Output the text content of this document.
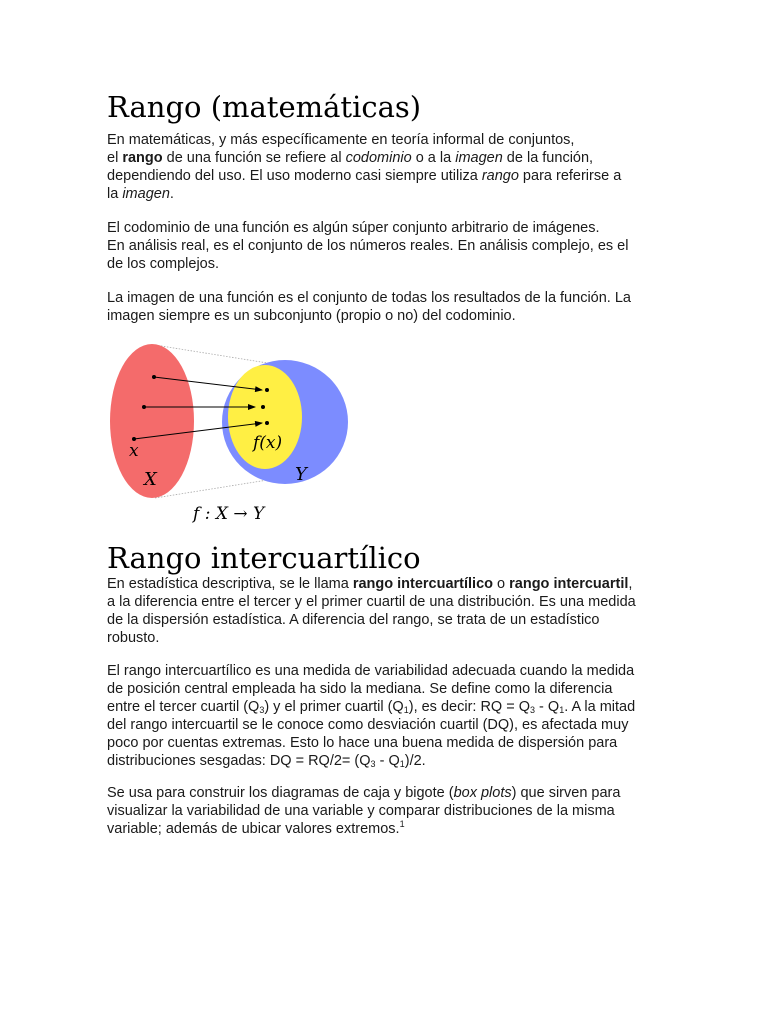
Rango (matemáticas)
En matemáticas, y más específicamente en teoría informal de conjuntos,
el rango de una función se refiere al codominio o a la imagen de la función,
dependiendo del uso. El uso moderno casi siempre utiliza rango para referirse a
la imagen.
El codominio de una función es algún súper conjunto arbitrario de imágenes.
En análisis real, es el conjunto de los números reales. En análisis complejo, es el
de los complejos.
La imagen de una función es el conjunto de todas los resultados de la función. La
imagen siempre es un subconjunto (propio o no) del codominio.
x
X
f(x)
Y
f : X → Y
Rango intercuartílico
En estadística descriptiva, se le llama rango intercuartílico o rango intercuartil,
a la diferencia entre el tercer y el primer cuartil de una distribución. Es una medida
de la dispersión estadística. A diferencia del rango, se trata de un estadístico
robusto.
El rango intercuartílico es una medida de variabilidad adecuada cuando la medida
de posición central empleada ha sido la mediana. Se define como la diferencia
entre el tercer cuartil $(Q_3)$ y el primer cuartil $(Q_1)$, es decir: RQ = $Q_3 - Q_1$. A la mitad
del rango intercuartil se le conoce como desviación cuartil (DQ), es afectada muy
poco por cuentas extremas. Esto lo hace una buena medida de dispersión para
distribuciones sesgadas: DQ = $RQ/2= (Q_3 - Q_1)/2$.
Se usa para construir los diagramas de caja y bigote (box plots) que sirven para
visualizar la variabilidad de una variable y comparar distribuciones de la misma
variable; además de ubicar valores extremos.$^1$
